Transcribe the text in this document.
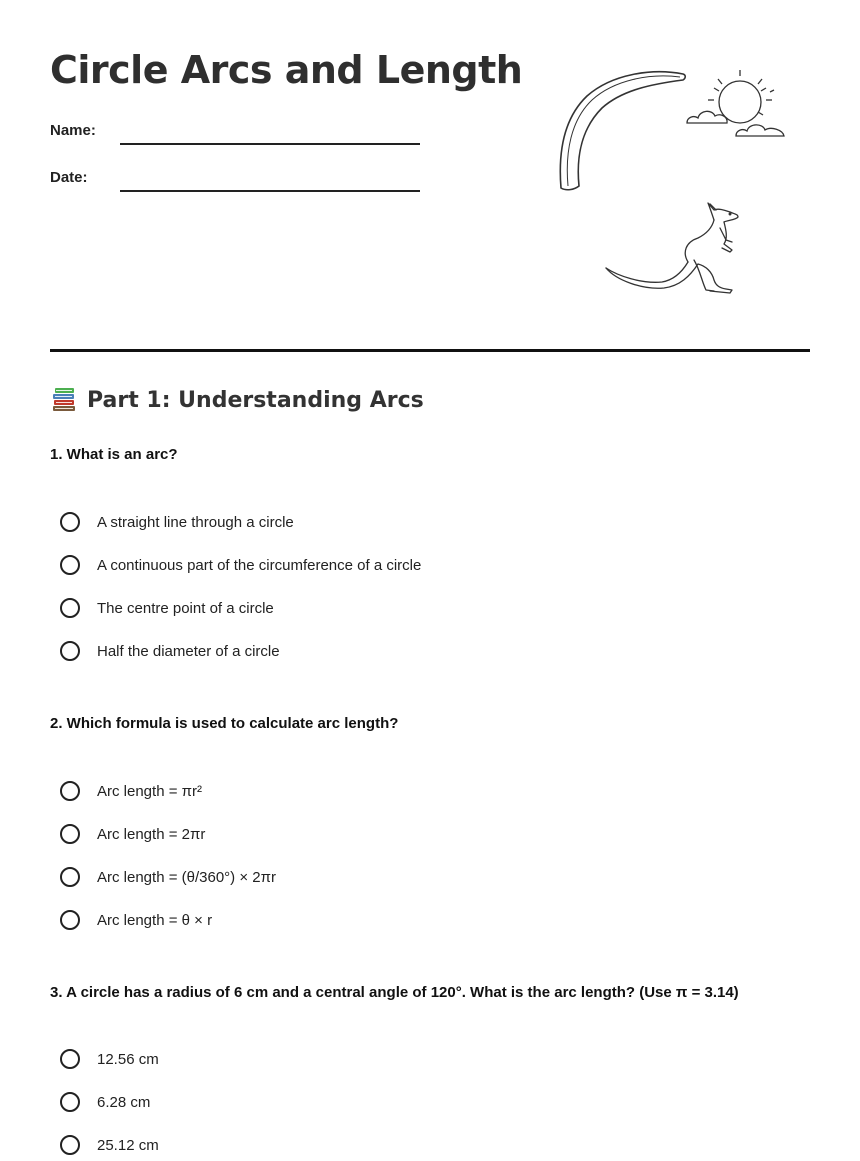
Circle Arcs and Length
Name:
Date:
Part 1: Understanding Arcs

1. What is an arc?

A straight line through a circle
A continuous part of the circumference of a circle
The centre point of a circle
Half the diameter of a circle

2. Which formula is used to calculate arc length?

Arc length = πr²
Arc length = 2πr
Arc length = (θ/360°) × 2πr
Arc length = θ × r

3. A circle has a radius of 6 cm and a central angle of 120°. What is the arc length? (Use π = 3.14)

12.56 cm
6.28 cm
25.12 cm
